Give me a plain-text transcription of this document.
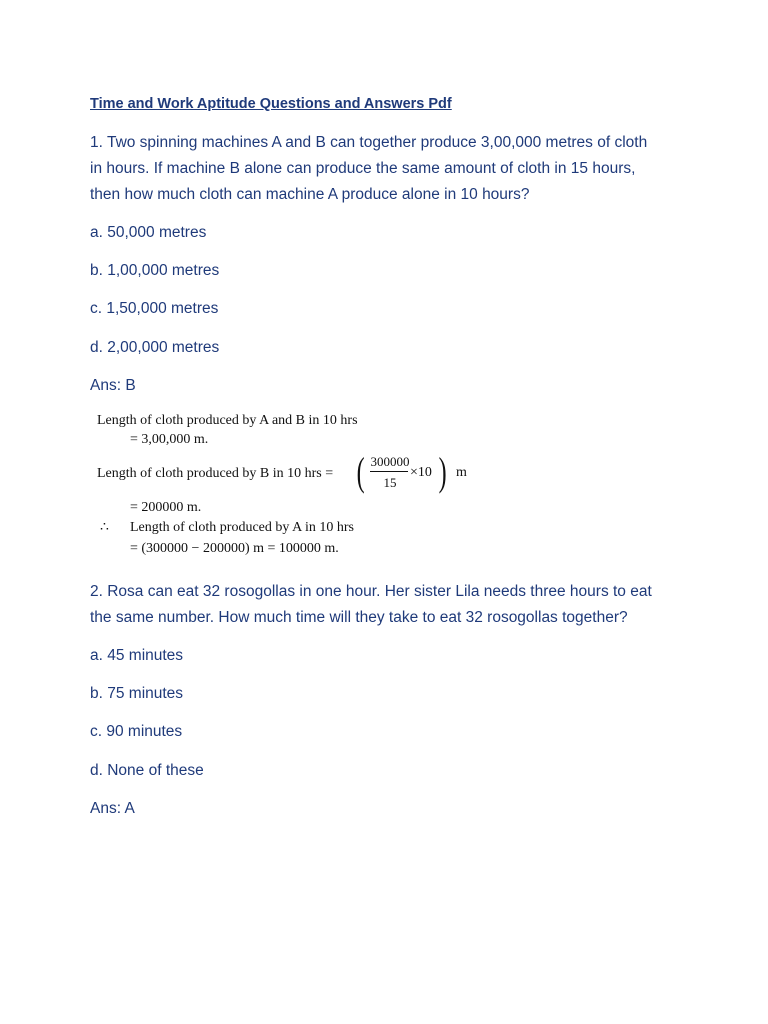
Time and Work Aptitude Questions and Answers Pdf
1. Two spinning machines A and B can together produce 3,00,000 metres of cloth
in hours. If machine B alone can produce the same amount of cloth in 15 hours,
then how much cloth can machine A produce alone in 10 hours?
a. 50,000 metres
b. 1,00,000 metres
c. 1,50,000 metres
d. 2,00,000 metres
Ans: B
Length of cloth produced by A and B in 10 hrs
= 3,00,000 m.
Length of cloth produced by B in 10 hrs = ( 300000
15
×10 ) m
= 200000 m.
∴ Length of cloth produced by A in 10 hrs
= (300000 − 200000) m = 100000 m.
2. Rosa can eat 32 rosogollas in one hour. Her sister Lila needs three hours to eat
the same number. How much time will they take to eat 32 rosogollas together?
a. 45 minutes
b. 75 minutes
c. 90 minutes
d. None of these
Ans: A
